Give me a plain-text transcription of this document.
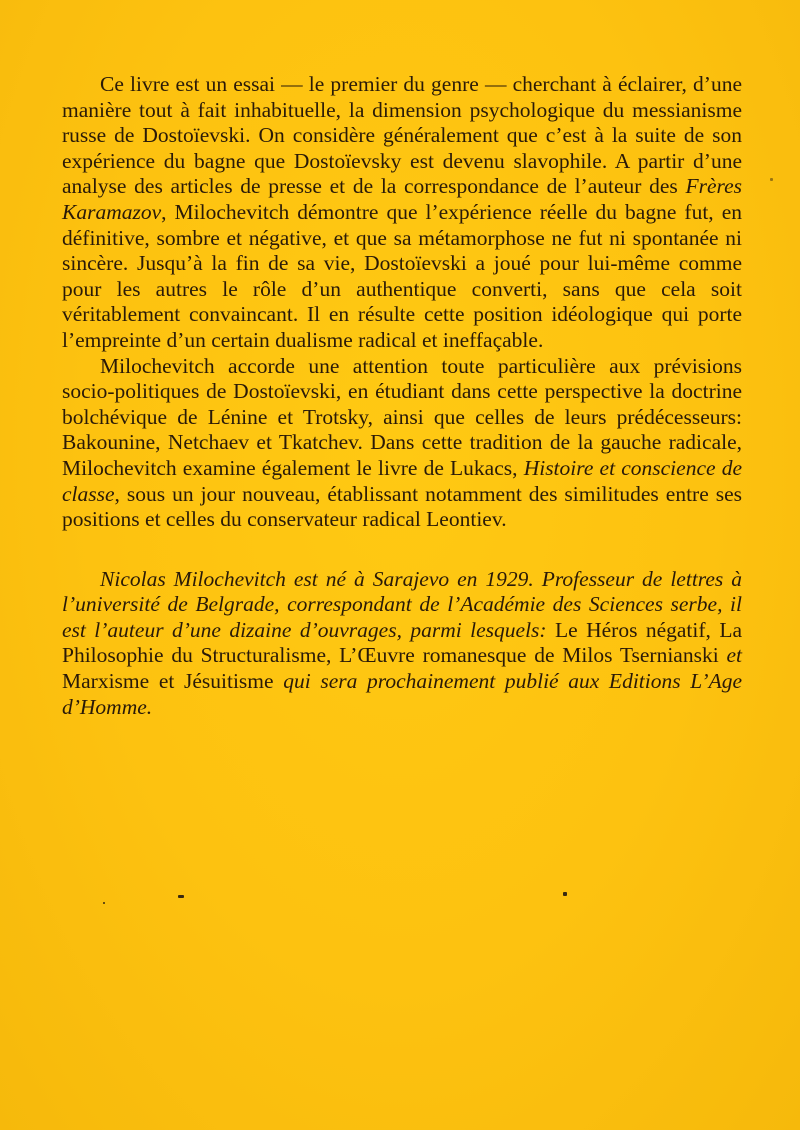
Ce livre est un essai — le premier du genre — cherchant à éclairer, d’une manière tout à fait inhabituelle, la dimension psychologique du messianisme russe de Dostoïevski. On considère généralement que c’est à la suite de son expérience du bagne que Dostoïevsky est devenu slavophile. A partir d’une analyse des articles de presse et de la correspondance de l’auteur des Frères Karamazov, Milochevitch démontre que l’expérience réelle du bagne fut, en définitive, sombre et négative, et que sa métamorphose ne fut ni spontanée ni sincère. Jusqu’à la fin de sa vie, Dostoïevski a joué pour lui-même comme pour les autres le rôle d’un authentique converti, sans que cela soit véritablement convaincant. Il en résulte cette position idéologique qui porte l’empreinte d’un certain dualisme radical et ineffaçable.

Milochevitch accorde une attention toute particulière aux prévisions socio-politiques de Dostoïevski, en étudiant dans cette perspective la doctrine bolchévique de Lénine et Trotsky, ainsi que celles de leurs prédécesseurs: Bakounine, Netchaev et Tkatchev. Dans cette tradition de la gauche radicale, Milochevitch examine également le livre de Lukacs, Histoire et conscience de classe, sous un jour nouveau, établissant notamment des similitudes entre ses positions et celles du conservateur radical Leontiev.

Nicolas Milochevitch est né à Sarajevo en 1929. Professeur de lettres à l’université de Belgrade, correspondant de l’Académie des Sciences serbe, il est l’auteur d’une dizaine d’ouvrages, parmi lesquels: Le Héros négatif, La Philosophie du Structuralisme, L’Œuvre romanesque de Milos Tsernianski et Marxisme et Jésuitisme qui sera prochainement publié aux Editions L’Age d’Homme.
